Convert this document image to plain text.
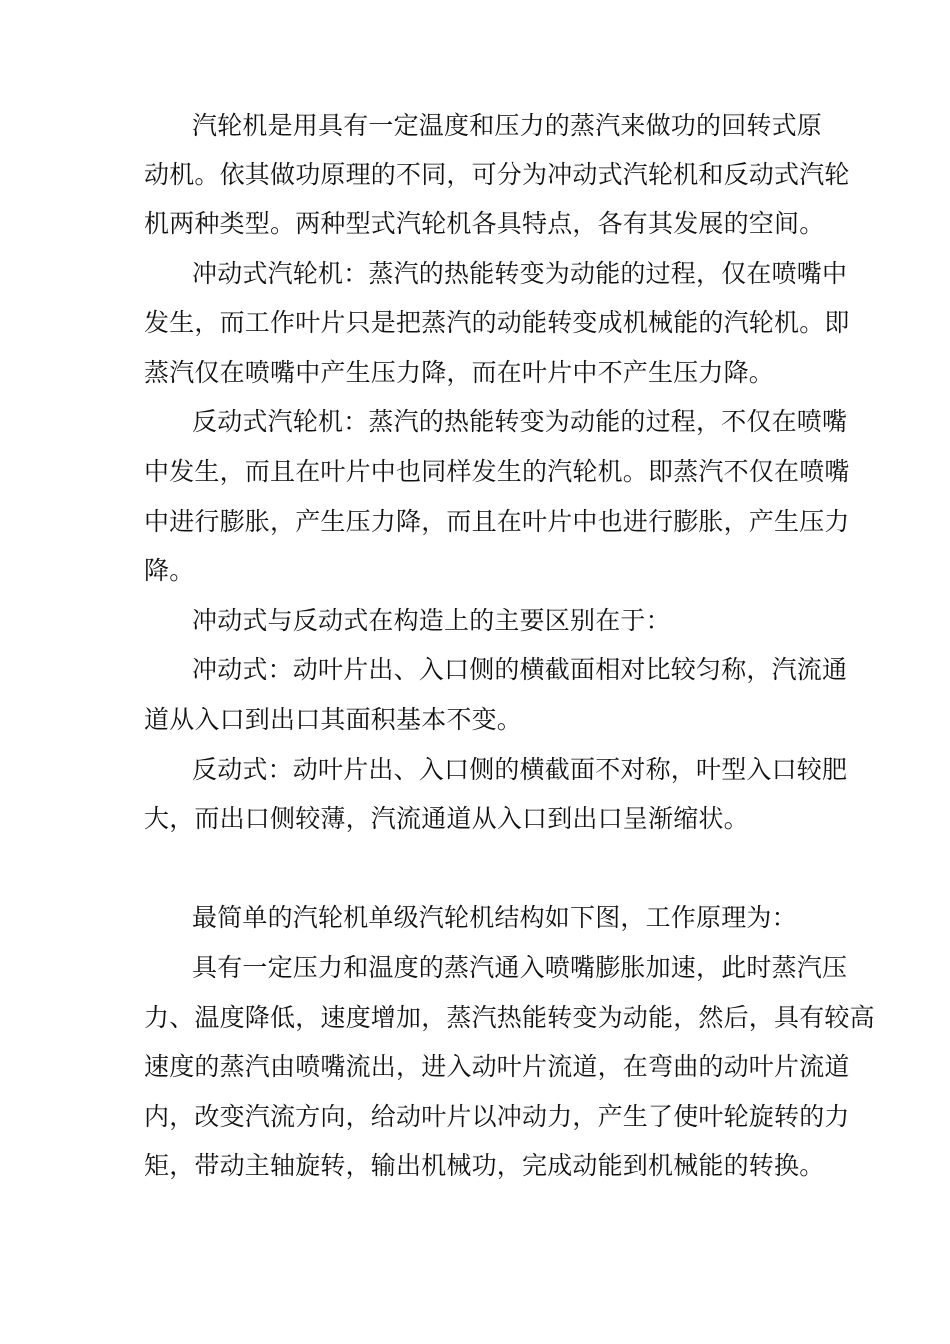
汽轮机是用具有一定温度和压力的蒸汽来做功的回转式原
动机。依其做功原理的不同，可分为冲动式汽轮机和反动式汽轮
机两种类型。两种型式汽轮机各具特点，各有其发展的空间。
冲动式汽轮机：蒸汽的热能转变为动能的过程，仅在喷嘴中
发生，而工作叶片只是把蒸汽的动能转变成机械能的汽轮机。即
蒸汽仅在喷嘴中产生压力降，而在叶片中不产生压力降。
反动式汽轮机：蒸汽的热能转变为动能的过程，不仅在喷嘴
中发生，而且在叶片中也同样发生的汽轮机。即蒸汽不仅在喷嘴
中进行膨胀，产生压力降，而且在叶片中也进行膨胀，产生压力
降。
冲动式与反动式在构造上的主要区别在于：
冲动式：动叶片出、入口侧的横截面相对比较匀称，汽流通
道从入口到出口其面积基本不变。
反动式：动叶片出、入口侧的横截面不对称，叶型入口较肥
大，而出口侧较薄，汽流通道从入口到出口呈渐缩状。
最简单的汽轮机单级汽轮机结构如下图，工作原理为：
具有一定压力和温度的蒸汽通入喷嘴膨胀加速，此时蒸汽压
力、温度降低，速度增加，蒸汽热能转变为动能，然后，具有较高
速度的蒸汽由喷嘴流出，进入动叶片流道，在弯曲的动叶片流道
内，改变汽流方向，给动叶片以冲动力，产生了使叶轮旋转的力
矩，带动主轴旋转，输出机械功，完成动能到机械能的转换。
